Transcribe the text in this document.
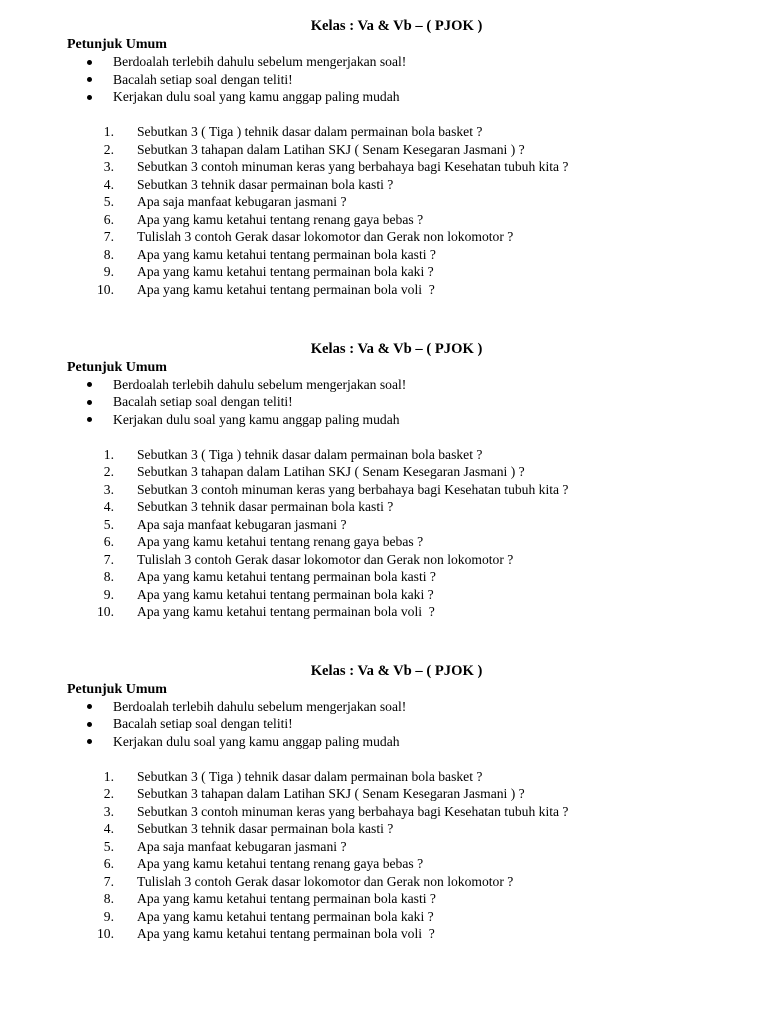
Kelas : Va & Vb – ( PJOK )
Petunjuk Umum
Berdoalah terlebih dahulu sebelum mengerjakan soal!
Bacalah setiap soal dengan teliti!
Kerjakan dulu soal yang kamu anggap paling mudah
1. Sebutkan 3 ( Tiga ) tehnik dasar dalam permainan bola basket ?
2. Sebutkan 3 tahapan dalam Latihan SKJ ( Senam Kesegaran Jasmani ) ?
3. Sebutkan 3 contoh minuman keras yang berbahaya bagi Kesehatan tubuh kita ?
4. Sebutkan 3 tehnik dasar permainan bola kasti ?
5. Apa saja manfaat kebugaran jasmani ?
6. Apa yang kamu ketahui tentang renang gaya bebas ?
7. Tulislah 3 contoh Gerak dasar lokomotor dan Gerak non lokomotor ?
8. Apa yang kamu ketahui tentang permainan bola kasti ?
9. Apa yang kamu ketahui tentang permainan bola kaki ?
10. Apa yang kamu ketahui tentang permainan bola voli  ?
Kelas : Va & Vb – ( PJOK )
Petunjuk Umum
Berdoalah terlebih dahulu sebelum mengerjakan soal!
Bacalah setiap soal dengan teliti!
Kerjakan dulu soal yang kamu anggap paling mudah
1. Sebutkan 3 ( Tiga ) tehnik dasar dalam permainan bola basket ?
2. Sebutkan 3 tahapan dalam Latihan SKJ ( Senam Kesegaran Jasmani ) ?
3. Sebutkan 3 contoh minuman keras yang berbahaya bagi Kesehatan tubuh kita ?
4. Sebutkan 3 tehnik dasar permainan bola kasti ?
5. Apa saja manfaat kebugaran jasmani ?
6. Apa yang kamu ketahui tentang renang gaya bebas ?
7. Tulislah 3 contoh Gerak dasar lokomotor dan Gerak non lokomotor ?
8. Apa yang kamu ketahui tentang permainan bola kasti ?
9. Apa yang kamu ketahui tentang permainan bola kaki ?
10. Apa yang kamu ketahui tentang permainan bola voli  ?
Kelas : Va & Vb – ( PJOK )
Petunjuk Umum
Berdoalah terlebih dahulu sebelum mengerjakan soal!
Bacalah setiap soal dengan teliti!
Kerjakan dulu soal yang kamu anggap paling mudah
1. Sebutkan 3 ( Tiga ) tehnik dasar dalam permainan bola basket ?
2. Sebutkan 3 tahapan dalam Latihan SKJ ( Senam Kesegaran Jasmani ) ?
3. Sebutkan 3 contoh minuman keras yang berbahaya bagi Kesehatan tubuh kita ?
4. Sebutkan 3 tehnik dasar permainan bola kasti ?
5. Apa saja manfaat kebugaran jasmani ?
6. Apa yang kamu ketahui tentang renang gaya bebas ?
7. Tulislah 3 contoh Gerak dasar lokomotor dan Gerak non lokomotor ?
8. Apa yang kamu ketahui tentang permainan bola kasti ?
9. Apa yang kamu ketahui tentang permainan bola kaki ?
10. Apa yang kamu ketahui tentang permainan bola voli  ?
